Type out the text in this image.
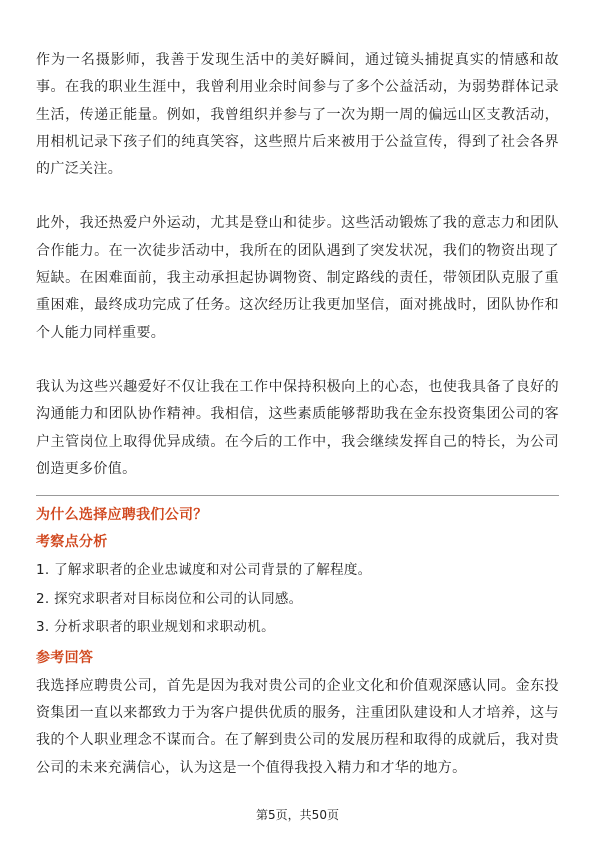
作为一名摄影师，我善于发现生活中的美好瞬间，通过镜头捕捉真实的情感和故事。在我的职业生涯中，我曾利用业余时间参与了多个公益活动，为弱势群体记录生活，传递正能量。例如，我曾组织并参与了一次为期一周的偏远山区支教活动，用相机记录下孩子们的纯真笑容，这些照片后来被用于公益宣传，得到了社会各界的广泛关注。

此外，我还热爱户外运动，尤其是登山和徒步。这些活动锻炼了我的意志力和团队合作能力。在一次徒步活动中，我所在的团队遇到了突发状况，我们的物资出现了短缺。在困难面前，我主动承担起协调物资、制定路线的责任，带领团队克服了重重困难，最终成功完成了任务。这次经历让我更加坚信，面对挑战时，团队协作和个人能力同样重要。

我认为这些兴趣爱好不仅让我在工作中保持积极向上的心态，也使我具备了良好的沟通能力和团队协作精神。我相信，这些素质能够帮助我在金东投资集团公司的客户主管岗位上取得优异成绩。在今后的工作中，我会继续发挥自己的特长，为公司创造更多价值。

为什么选择应聘我们公司？
考察点分析

1. 了解求职者的企业忠诚度和对公司背景的了解程度。

2. 探究求职者对目标岗位和公司的认同感。

3. 分析求职者的职业规划和求职动机。

参考回答

我选择应聘贵公司，首先是因为我对贵公司的企业文化和价值观深感认同。金东投资集团一直以来都致力于为客户提供优质的服务，注重团队建设和人才培养，这与我的个人职业理念不谋而合。在了解到贵公司的发展历程和取得的成就后，我对贵公司的未来充满信心，认为这是一个值得我投入精力和才华的地方。

第5页，共50页
